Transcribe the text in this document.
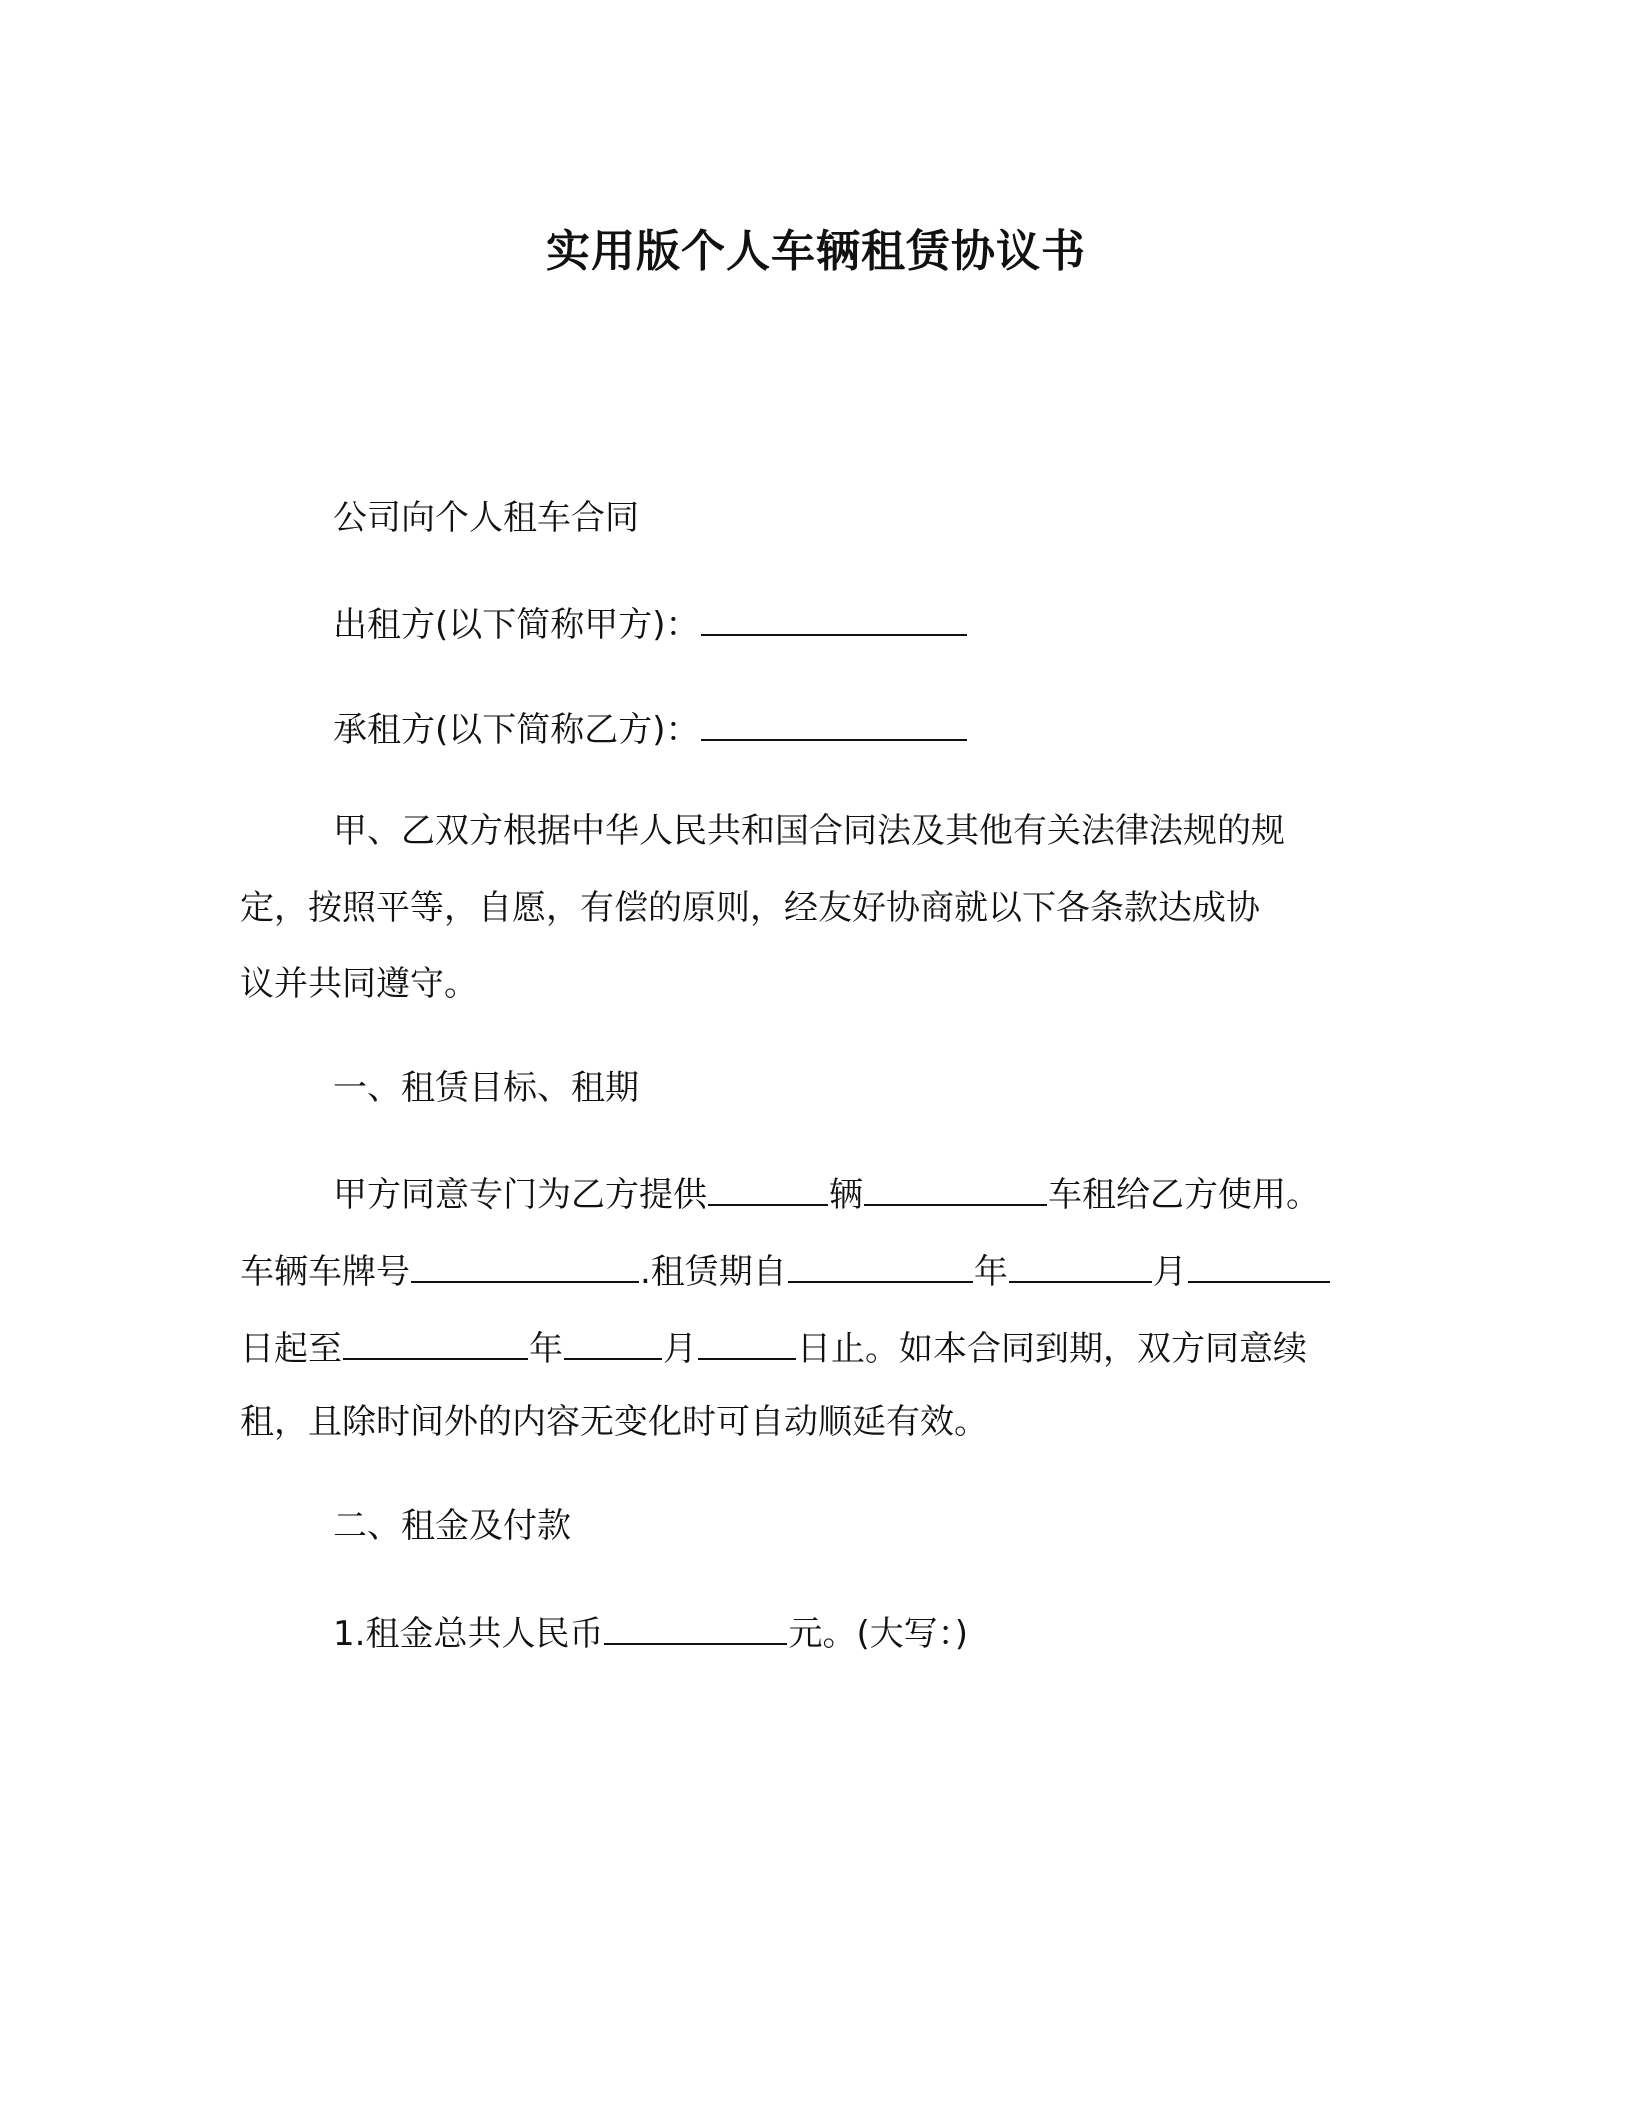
实用版个人车辆租赁协议书

公司向个人租车合同

出租方(以下简称甲方)：

承租方(以下简称乙方)：

甲、乙双方根据中华人民共和国合同法及其他有关法律法规的规

定，按照平等，自愿，有偿的原则，经友好协商就以下各条款达成协

议并共同遵守。

一、租赁目标、租期

甲方同意专门为乙方提供	辆	车租给乙方使用。

车辆车牌号	.租赁期自	年	月

日起至	年	月	日止。如本合同到期，双方同意续

租，且除时间外的内容无变化时可自动顺延有效。

二、租金及付款

1.租金总共人民币	元。(大写：)
